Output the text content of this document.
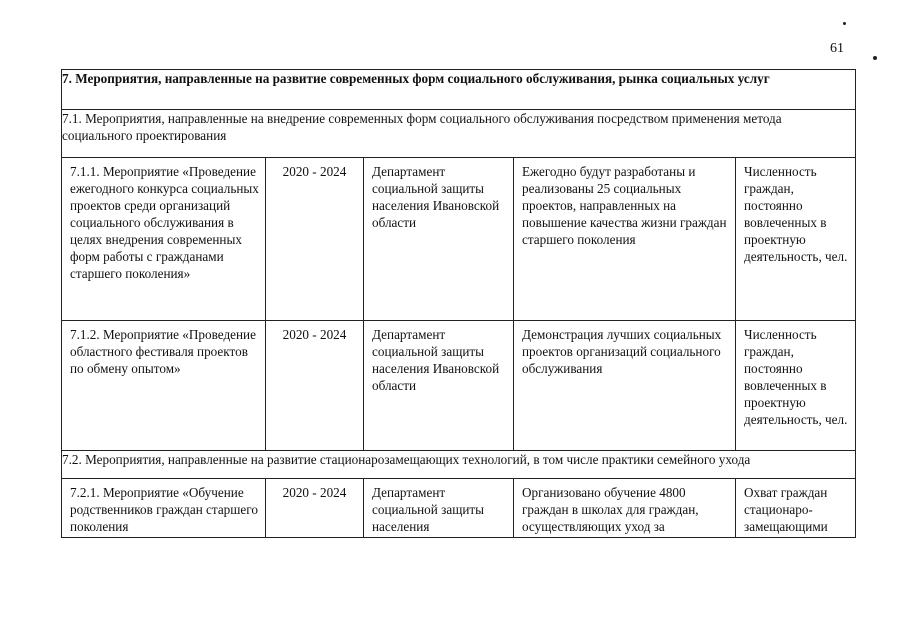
61
7. Мероприятия, направленные на развитие современных форм социального обслуживания, рынка социальных услуг				
7.1. Мероприятия, направленные на внедрение современных форм социального обслуживания посредством применения метода социального проектирования				

7.1.1. Мероприятие «Проведение ежегодного конкурса социальных проектов среди организаций социального обслуживания в целях внедрения современных форм работы с гражданами старшего поколения»	2020 - 2024	Департамент социальной защиты населения Ивановской области	Ежегодно будут разработаны и реализованы 25 социальных проектов, направленных на повышение качества жизни граждан старшего поколения	Численность граждан, постоянно вовлеченных в проектную деятельность, чел.

7.1.2. Мероприятие «Проведение областного фестиваля проектов по обмену опытом»	2020 - 2024	Департамент социальной защиты населения Ивановской области	Демонстрация лучших социальных проектов организаций социального обслуживания	Численность граждан, постоянно вовлеченных в проектную деятельность, чел.

7.2. Мероприятия, направленные на развитие стационарозамещающих технологий, в том числе практики семейного ухода				

7.2.1. Мероприятие «Обучение родственников граждан старшего поколения	2020 - 2024	Департамент социальной защиты населения	Организовано обучение 4800 граждан в школах для граждан, осуществляющих уход за	Охват граждан стационаро-замещающими
